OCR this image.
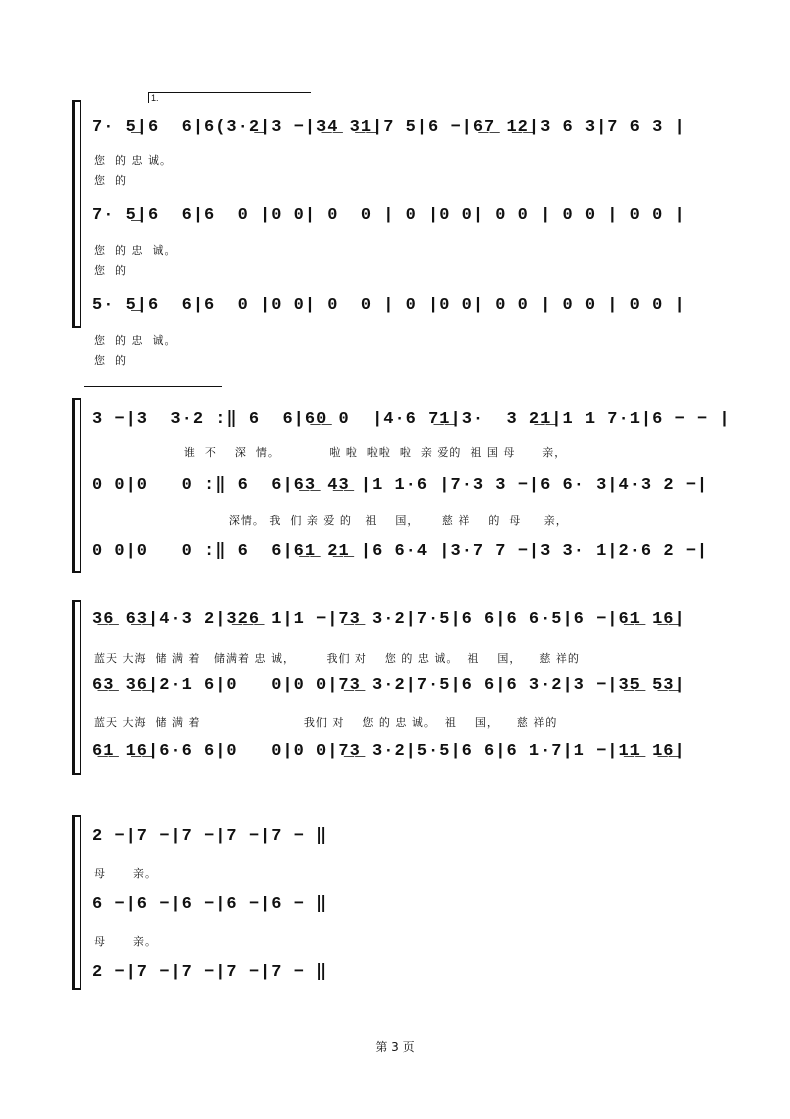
1.
7· 5̲|6  6|6(3·2̲|3 −|3̲4̲ 3̲1̲|7 5|6 −|6̲7̲ 1̲2̲|3 6 3|7 6 3 |
您  的 忠 诚。
您  的
7· 5̲|6  6|6  0 |0 0| 0  0 | 0 |0 0| 0 0 | 0 0 | 0 0 |
您  的 忠  诚。
您  的
5· 5̲|6  6|6  0 |0 0| 0  0 | 0 |0 0| 0 0 | 0 0 | 0 0 |
您  的 忠  诚。
您  的
3 −|3  3·2 :‖ 6  6|6̲0̲ 0  |4·6 7̲1̲|3·  3 2̲1̲|1 1 7·1|6 − − |
谁  不    深  情。           啦 啦  啦啦  啦  亲 爱的  祖 国 母      亲，
0 0|0   0 :‖ 6  6|6̲3̲ 4̲3̲ |1 1·6 |7·3 3 −|6 6· 3|4·3 2 −|
深情。 我  们 亲 爱 的   祖    国，     慈 祥    的  母     亲，
0 0|0   0 :‖ 6  6|6̲1̲ 2̲1̲ |6 6·4 |3·7 7 −|3 3· 1|2·6 2 −|
3̲6̲ 6̲3̲|4·3 2|3̲2̲6̲ 1|1 −|7̲3̲ 3·2|7·5|6 6|6 6·5|6 −|6̲1̲ 1̲6̲|
蓝天 大海  储 满 着   储满着 忠 诚，       我们 对    您 的 忠 诚。  祖    国，    慈 祥的
6̲3̲ 3̲6̲|2·1 6|0   0|0 0|7̲3̲ 3·2|7·5|6 6|6 3·2|3 −|3̲5̲ 5̲3̲|
蓝天 大海  储 满 着                       我们 对    您 的 忠 诚。  祖    国，    慈 祥的
6̲1̲ 1̲6̲|6·6 6|0   0|0 0|7̲3̲ 3·2|5·5|6 6|6 1·7|1 −|1̲1̲ 1̲6̲|
2 −|7 −|7 −|7 −|7 − ‖
母      亲。
6 −|6 −|6 −|6 −|6 − ‖
母      亲。
2 −|7 −|7 −|7 −|7 − ‖
第 3 页
